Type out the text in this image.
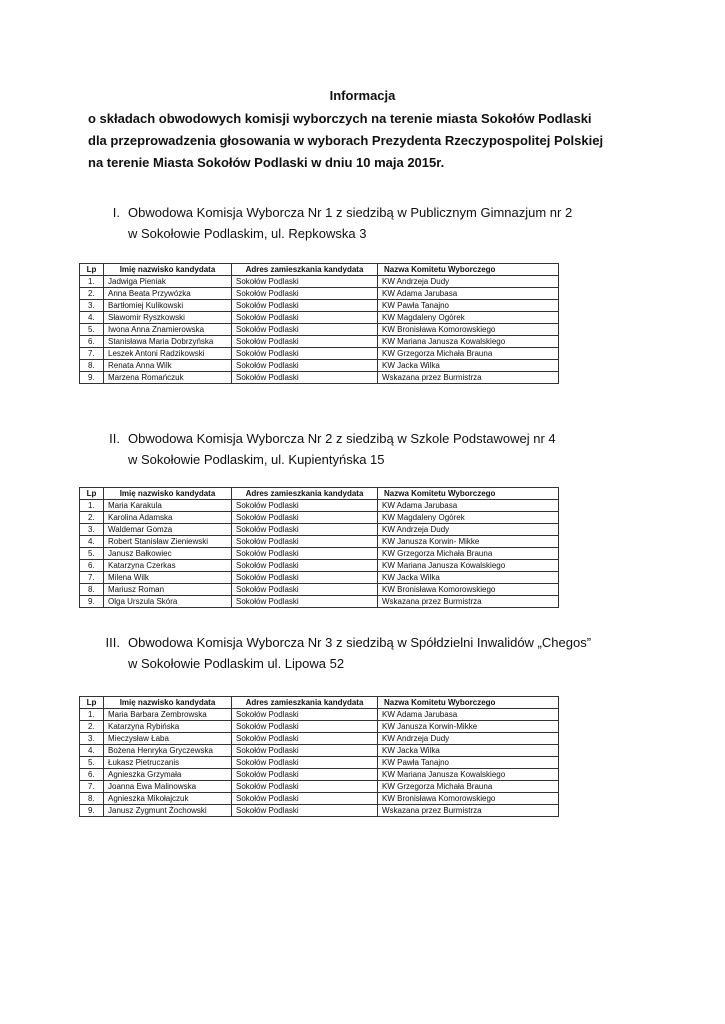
Informacja
o składach obwodowych komisji wyborczych na terenie miasta Sokołów Podlaski
dla przeprowadzenia głosowania w wyborach Prezydenta Rzeczypospolitej Polskiej
na terenie Miasta Sokołów Podlaski w dniu 10 maja 2015r.
I. Obwodowa Komisja Wyborcza Nr 1 z siedzibą w Publicznym Gimnazjum nr 2
w Sokołowie Podlaskim, ul. Repkowska 3
Lp	Imię nazwisko kandydata	Adres zamieszkania kandydata	Nazwa Komitetu Wyborczego
1.	Jadwiga Pieniak	Sokołów Podlaski	KW Andrzeja Dudy
2.	Anna Beata Przywózka	Sokołów Podlaski	KW Adama Jarubasa
3.	Bartłomiej Kulikowski	Sokołów Podlaski	KW Pawła Tanajno
4.	Sławomir Ryszkowski	Sokołów Podlaski	KW Magdaleny Ogórek
5.	Iwona Anna Znamierowska	Sokołów Podlaski	KW Bronisława Komorowskiego
6.	Stanisława Maria Dobrzyńska	Sokołów Podlaski	KW Mariana Janusza Kowalskiego
7.	Leszek Antoni Radzikowski	Sokołów Podlaski	KW Grzegorza Michała Brauna
8.	Renata Anna Wilk	Sokołów Podlaski	KW Jacka Wilka
9.	Marzena Romańczuk	Sokołów Podlaski	Wskazana przez Burmistrza
II. Obwodowa Komisja Wyborcza Nr 2 z siedzibą w Szkole Podstawowej nr 4
w Sokołowie Podlaskim, ul. Kupientyńska 15
Lp	Imię nazwisko kandydata	Adres zamieszkania kandydata	Nazwa Komitetu Wyborczego
1.	Maria Karakula	Sokołów Podlaski	KW Adama Jarubasa
2.	Karolina Adamska	Sokołów Podlaski	KW Magdaleny Ogórek
3.	Waldemar Gomza	Sokołów Podlaski	KW Andrzeja Dudy
4.	Robert Stanisław Zieniewski	Sokołów Podlaski	KW Janusza Korwin- Mikke
5.	Janusz Bałkowiec	Sokołów Podlaski	KW Grzegorza Michała Brauna
6.	Katarzyna Czerkas	Sokołów Podlaski	KW Mariana Janusza Kowalskiego
7.	Milena Wilk	Sokołów Podlaski	KW Jacka Wilka
8.	Mariusz Roman	Sokołów Podlaski	KW Bronisława Komorowskiego
9.	Olga Urszula Skóra	Sokołów Podlaski	Wskazana przez Burmistrza
III. Obwodowa Komisja Wyborcza Nr 3 z siedzibą w Spółdzielni Inwalidów „Chegos”
w Sokołowie Podlaskim ul. Lipowa 52
Lp	Imię nazwisko kandydata	Adres zamieszkania kandydata	Nazwa Komitetu Wyborczego
1.	Maria Barbara Zembrowska	Sokołów Podlaski	KW Adama Jarubasa
2.	Katarzyna Rybińska	Sokołów Podlaski	KW Janusza Korwin-Mikke
3.	Mieczysław Łaba	Sokołów Podlaski	KW Andrzeja Dudy
4.	Bożena Henryka Gryczewska	Sokołów Podlaski	KW Jacka Wilka
5.	Łukasz Pietruczanis	Sokołów Podlaski	KW Pawła Tanajno
6.	Agnieszka Grzymała	Sokołów Podlaski	KW Mariana Janusza Kowalskiego
7.	Joanna Ewa Malinowska	Sokołów Podlaski	KW Grzegorza Michała Brauna
8.	Agnieszka Mikołajczuk	Sokołów Podlaski	KW Bronisława Komorowskiego
9.	Janusz Zygmunt Żochowski	Sokołów Podlaski	Wskazana przez Burmistrza
